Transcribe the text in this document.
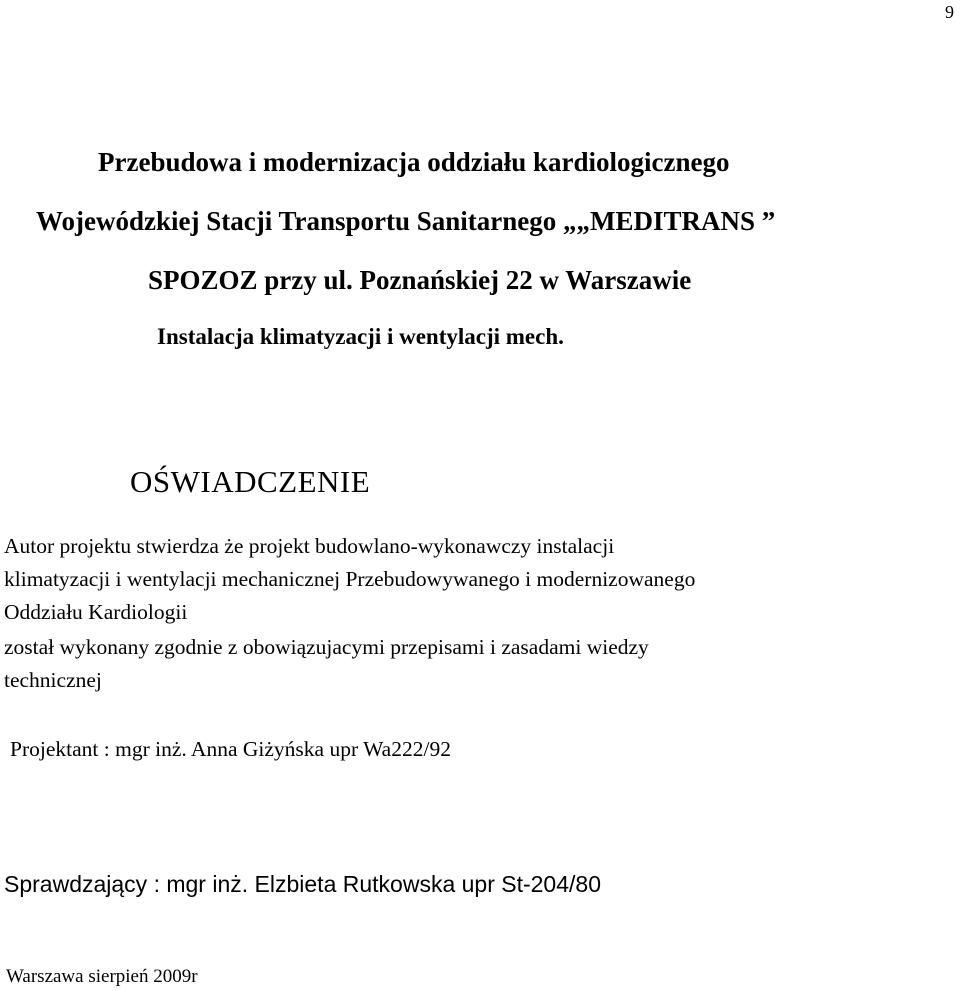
9
Przebudowa i modernizacja oddziału kardiologicznego
Wojewódzkiej Stacji Transportu Sanitarnego „„MEDITRANS ”
SPOZOZ przy ul. Poznańskiej 22 w Warszawie
Instalacja klimatyzacji i wentylacji mech.
OŚWIADCZENIE
Autor projektu stwierdza że projekt budowlano-wykonawczy instalacji
klimatyzacji i wentylacji mechanicznej Przebudowywanego i modernizowanego
Oddziału Kardiologii
został wykonany zgodnie z obowiązujacymi przepisami i zasadami wiedzy
technicznej
Projektant : mgr inż. Anna Giżyńska upr Wa222/92
Sprawdzający : mgr inż. Elzbieta Rutkowska upr St-204/80
Warszawa sierpień 2009r
